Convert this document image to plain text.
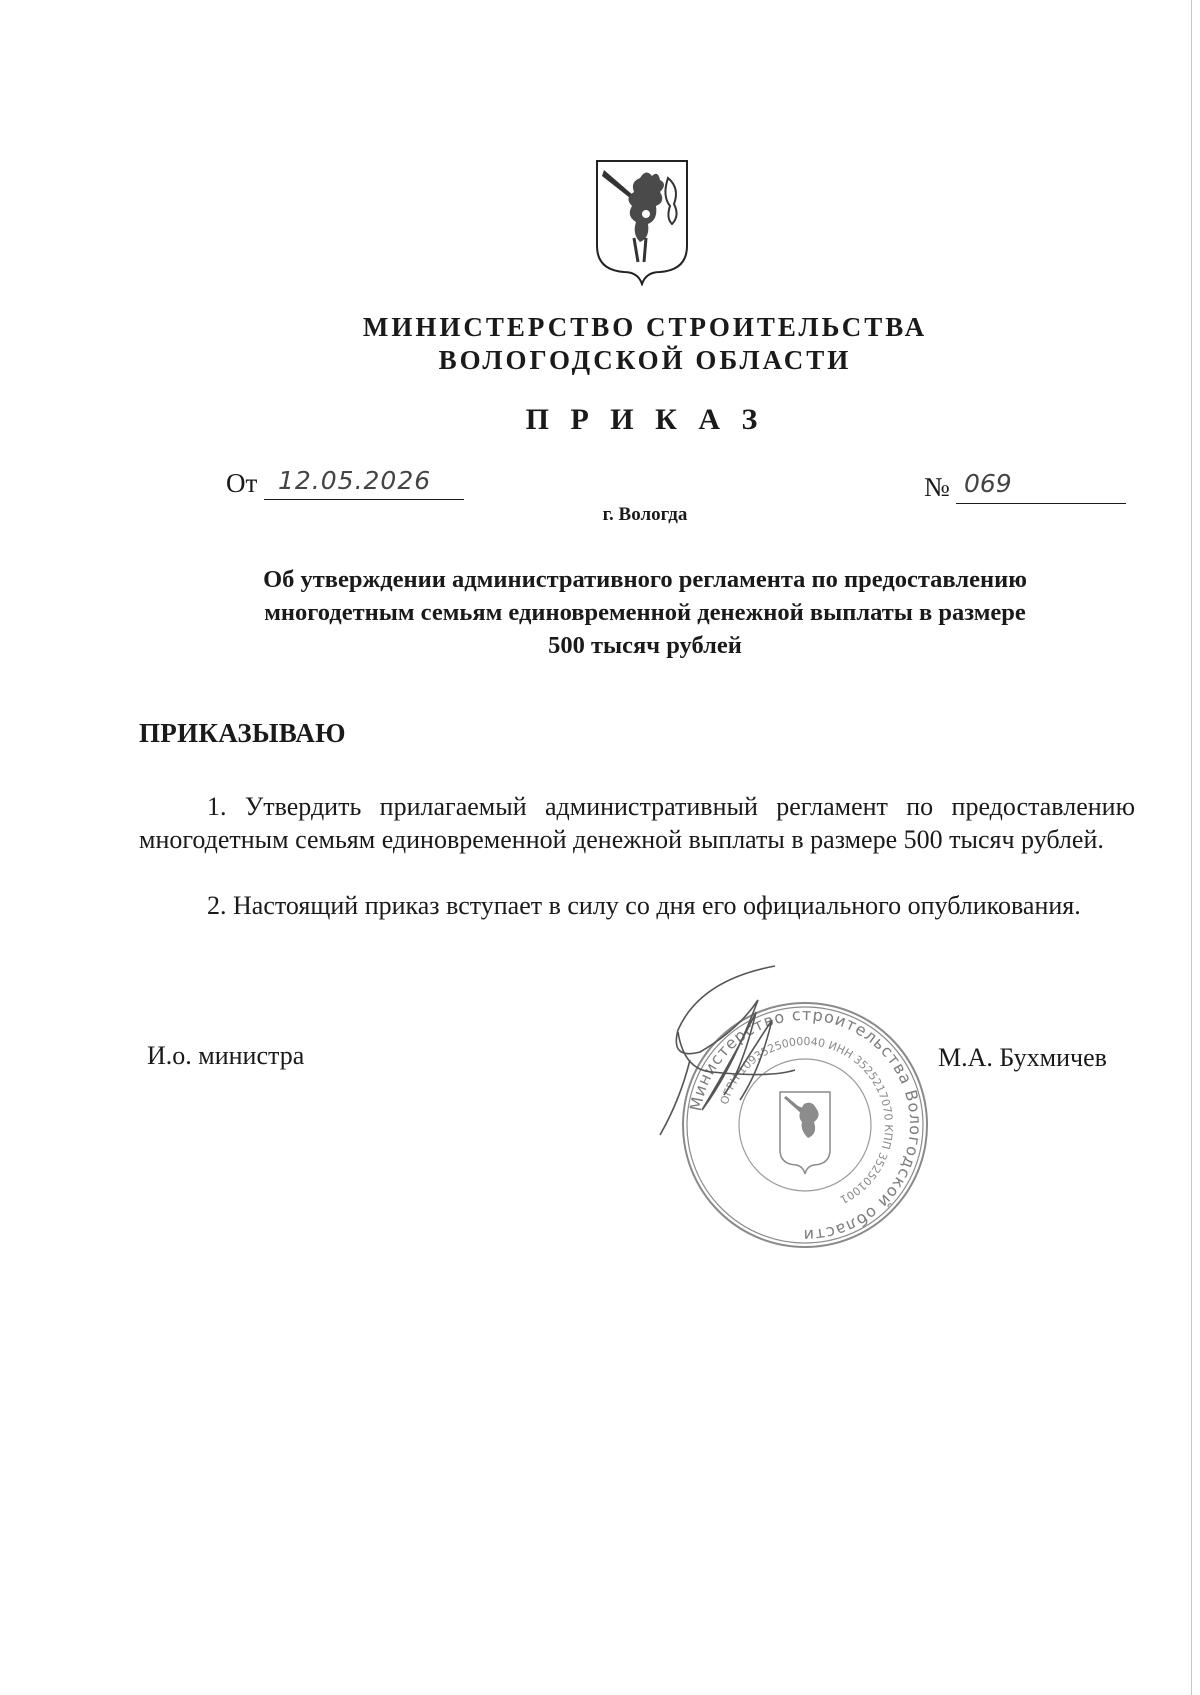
МИНИСТЕРСТВО СТРОИТЕЛЬСТВА
ВОЛОГОДСКОЙ ОБЛАСТИ
П Р И К А З
От 12.05.2026	№ 069
г. Вологда
Об утверждении административного регламента по предоставлению
многодетным семьям единовременной денежной выплаты в размере
500 тысяч рублей
ПРИКАЗЫВАЮ
1. Утвердить прилагаемый административный регламент по предоставлению многодетным семьям единовременной денежной выплаты в размере 500 тысяч рублей.
2. Настоящий приказ вступает в силу со дня его официального опубликования.
И.о. министра	М.А. Бухмичев
Министерство строительства Вологодской области
ОГРН 1093525000040 ИНН 3525217070 КПП 352501001
